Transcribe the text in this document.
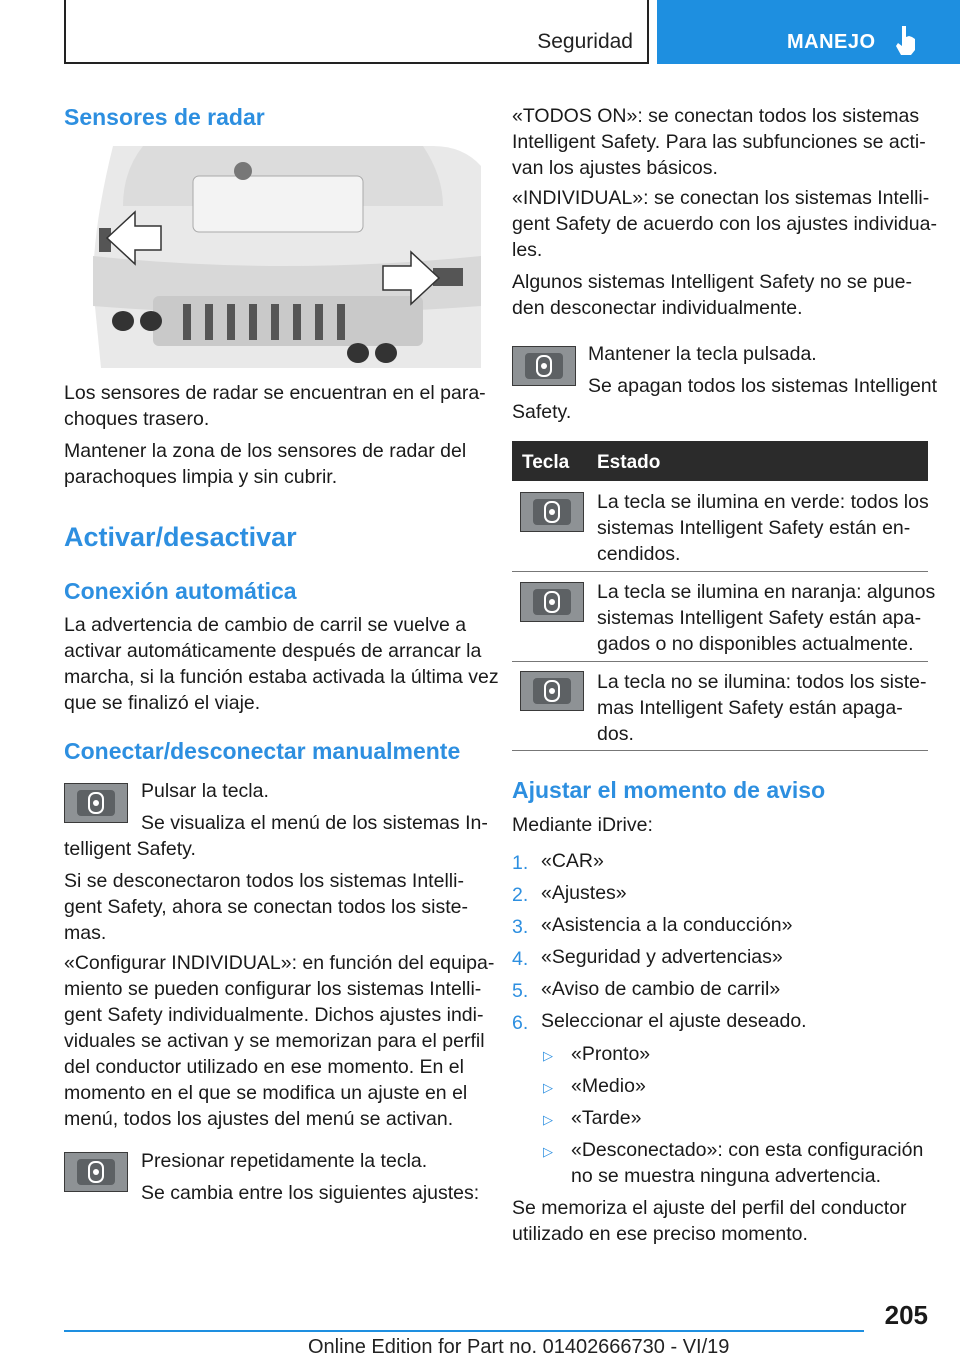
Seguridad	MANEJO
Sensores de radar

Los sensores de radar se encuentran en el para-
choques trasero.

Mantener la zona de los sensores de radar del
parachoques limpia y sin cubrir.

Activar/desactivar
Conexión automática

La advertencia de cambio de carril se vuelve a
activar automáticamente después de arrancar la
marcha, si la función estaba activada la última vez
que se finalizó el viaje.

Conectar/desconectar manualmente

Pulsar la tecla.

Se visualiza el menú de los sistemas In-

telligent Safety.

Si se desconectaron todos los sistemas Intelli-
gent Safety, ahora se conectan todos los siste-
mas.

«Configurar INDIVIDUAL»: en función del equipa-
miento se pueden configurar los sistemas Intelli-
gent Safety individualmente. Dichos ajustes indi-
viduales se activan y se memorizan para el perfil
del conductor utilizado en ese momento. En el
momento en el que se modifica un ajuste en el
menú, todos los ajustes del menú se activan.

Presionar repetidamente la tecla.

Se cambia entre los siguientes ajustes:

«TODOS ON»: se conectan todos los sistemas
Intelligent Safety. Para las subfunciones se acti-
van los ajustes básicos.

«INDIVIDUAL»: se conectan los sistemas Intelli-
gent Safety de acuerdo con los ajustes individua-
les.

Algunos sistemas Intelligent Safety no se pue-
den desconectar individualmente.

Mantener la tecla pulsada.

Se apagan todos los sistemas Intelligent

Safety.

Tecla Estado

La tecla se ilumina en verde: todos los
sistemas Intelligent Safety están en-
cendidos.

La tecla se ilumina en naranja: algunos
sistemas Intelligent Safety están apa-
gados o no disponibles actualmente.

La tecla no se ilumina: todos los siste-
mas Intelligent Safety están apaga-
dos.

Ajustar el momento de aviso

Mediante iDrive:

1. «CAR»
2. «Ajustes»
3. «Asistencia a la conducción»
4. «Seguridad y advertencias»
5. «Aviso de cambio de carril»
6. Seleccionar el ajuste deseado.
▷ «Pronto»
▷ «Medio»
▷ «Tarde»
▷ «Desconectado»: con esta configuración
no se muestra ninguna advertencia.

Se memoriza el ajuste del perfil del conductor
utilizado en ese preciso momento.

205
Online Edition for Part no. 01402666730 - VI/19
